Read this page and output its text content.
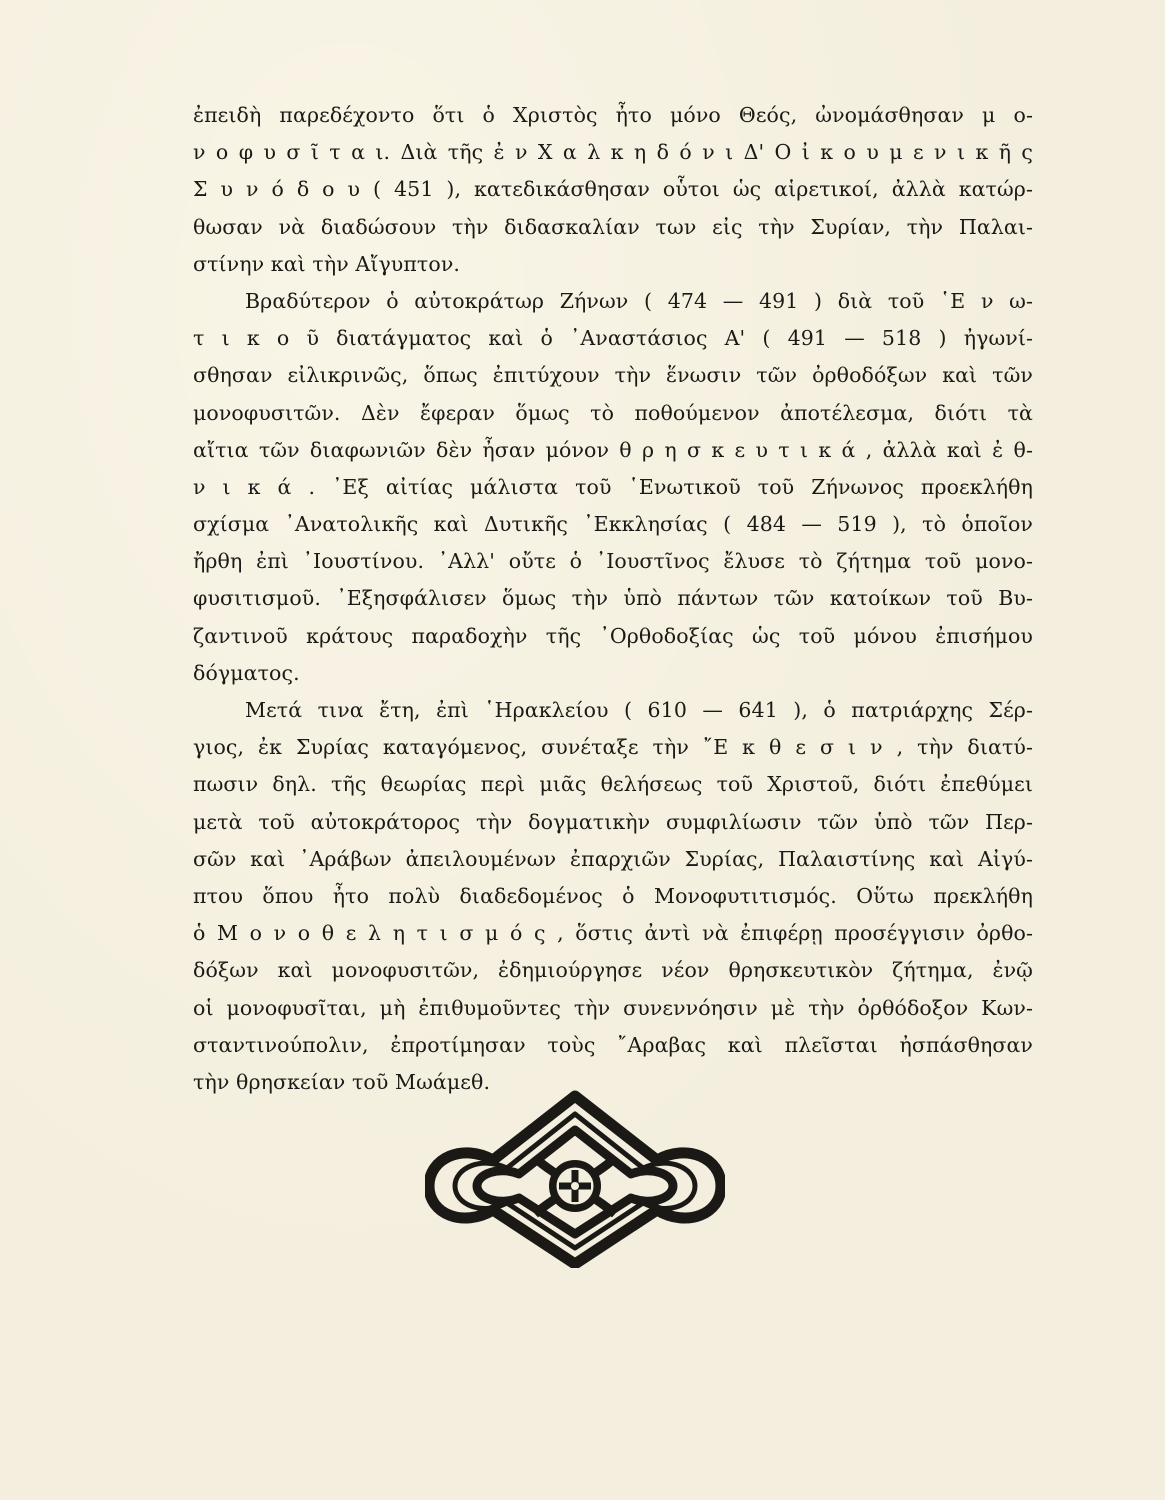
ἐπειδὴ παρεδέχοντο ὅτι ὁ Χριστὸς ἦτο μόνο Θεός, ὠνομάσθησαν μ ο-
ν ο φ υ σ ῖ τ α ι. Διὰ τῆς ἐ ν Χ α λ κ η δ ό ν ι Δ' Ο ἰ κ ο υ μ ε ν ι κ ῆ ς
Σ υ ν ό δ ο υ ( 451 ), κατεδικάσθησαν οὗτοι ὡς αἱρετικοί, ἀλλὰ κατώρ-
θωσαν νὰ διαδώσουν τὴν διδασκαλίαν των εἰς τὴν Συρίαν, τὴν Παλαι-
στίνην καὶ τὴν Αἴγυπτον.
Βραδύτερον ὁ αὐτοκράτωρ Ζήνων ( 474 — 491 ) διὰ τοῦ ῾Ε ν ω-
τ ι κ ο ῦ διατάγματος καὶ ὁ ᾿Αναστάσιος Α' ( 491 — 518 ) ἠγωνί-
σθησαν εἰλικρινῶς, ὅπως ἐπιτύχουν τὴν ἕνωσιν τῶν ὀρθοδόξων καὶ τῶν
μονοφυσιτῶν. Δὲν ἔφεραν ὅμως τὸ ποθούμενον ἀποτέλεσμα, διότι τὰ
αἴτια τῶν διαφωνιῶν δὲν ἦσαν μόνον θ ρ η σ κ ε υ τ ι κ ά , ἀλλὰ καὶ ἐ θ-
ν ι κ ά . ᾿Εξ αἰτίας μάλιστα τοῦ ῾Ενωτικοῦ τοῦ Ζήνωνος προεκλήθη
σχίσμα ᾿Ανατολικῆς καὶ Δυτικῆς ᾿Εκκλησίας ( 484 — 519 ), τὸ ὁποῖον
ἤρθη ἐπὶ ᾿Ιουστίνου. ᾿Αλλ' οὔτε ὁ ᾿Ιουστῖνος ἔλυσε τὸ ζήτημα τοῦ μονο-
φυσιτισμοῦ. ᾿Εξησφάλισεν ὅμως τὴν ὑπὸ πάντων τῶν κατοίκων τοῦ Βυ-
ζαντινοῦ κράτους παραδοχὴν τῆς ᾿Ορθοδοξίας ὡς τοῦ μόνου ἐπισήμου
δόγματος.
Μετά τινα ἔτη, ἐπὶ ῾Ηρακλείου ( 610 — 641 ), ὁ πατριάρχης Σέρ-
γιος, ἐκ Συρίας καταγόμενος, συνέταξε τὴν ῎Ε κ θ ε σ ι ν , τὴν διατύ-
πωσιν δηλ. τῆς θεωρίας περὶ μιᾶς θελήσεως τοῦ Χριστοῦ, διότι ἐπεθύμει
μετὰ τοῦ αὐτοκράτορος τὴν δογματικὴν συμφιλίωσιν τῶν ὑπὸ τῶν Περ-
σῶν καὶ ᾿Αράβων ἀπειλουμένων ἐπαρχιῶν Συρίας, Παλαιστίνης καὶ Αἰγύ-
πτου ὅπου ἦτο πολὺ διαδεδομένος ὁ Μονοφυτιτισμός. Οὕτω πρεκλήθη
ὁ Μ ο ν ο θ ε λ η τ ι σ μ ό ς , ὅστις ἀντὶ νὰ ἐπιφέρῃ προσέγγισιν ὀρθο-
δόξων καὶ μονοφυσιτῶν, ἐδημιούργησε νέον θρησκευτικὸν ζήτημα, ἐνῷ
οἱ μονοφυσῖται, μὴ ἐπιθυμοῦντες τὴν συνεννόησιν μὲ τὴν ὀρθόδοξον Κων-
σταντινούπολιν, ἐπροτίμησαν τοὺς ῎Αραβας καὶ πλεῖσται ἠσπάσθησαν
τὴν θρησκείαν τοῦ Μωάμεθ.
